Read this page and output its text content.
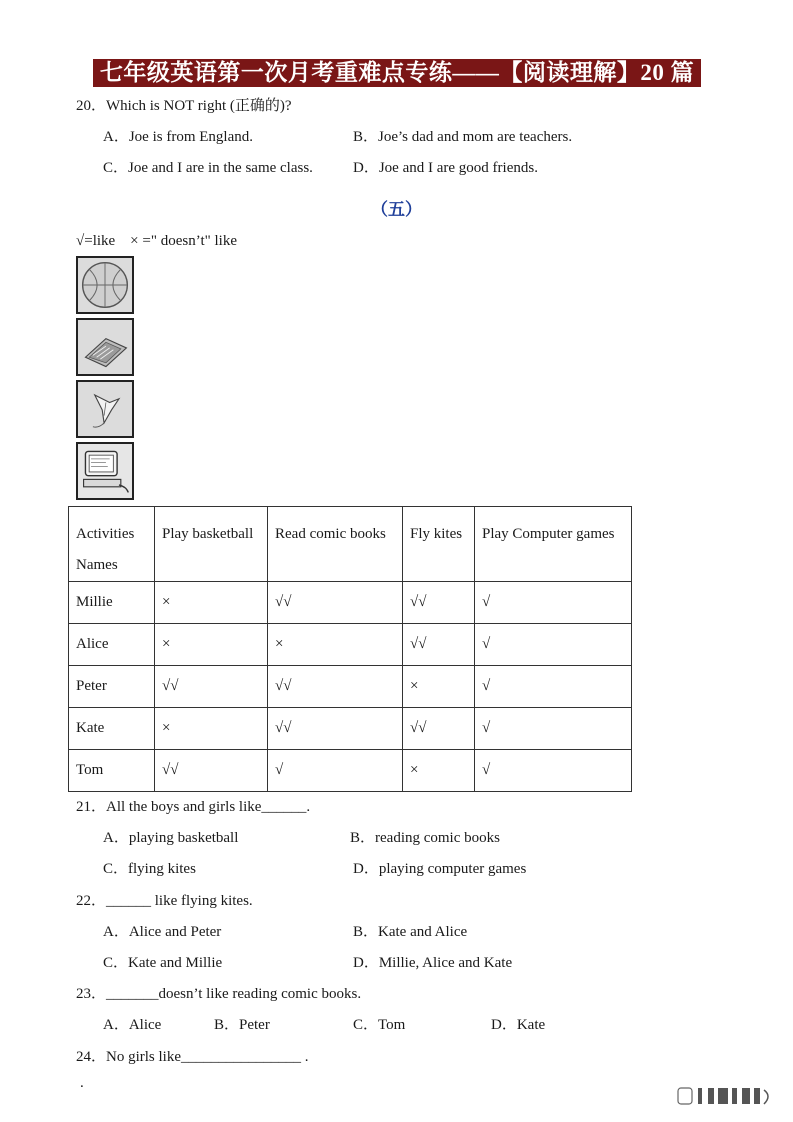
七年级英语第一次月考重难点专练——【阅读理解】20 篇
20．Which is NOT right (正确的)?
A．Joe is from England.	B．Joe’s dad and mom are teachers.
C．Joe and I are in the same class.	D．Joe and I are good friends.
（五）
√=like    × =" doesn’t" like
Activities
Names	Play basketball	Read comic books	Fly kites	Play Computer games
Millie	×	√√	√√	√
Alice	×	×	√√	√
Peter	√√	√√	×	√
Kate	×	√√	√√	√
Tom	√√	√	×	√
21．All the boys and girls like______.
A．playing basketball	B．reading comic books
C．flying kites	D．playing computer games
22．______ like flying kites.
A．Alice and Peter	B．Kate and Alice
C．Kate and Millie	D．Millie, Alice and Kate
23．_______doesn’t like reading comic books.
A．Alice	B．Peter	C．Tom	D．Kate
24．No girls like________________ .
.
